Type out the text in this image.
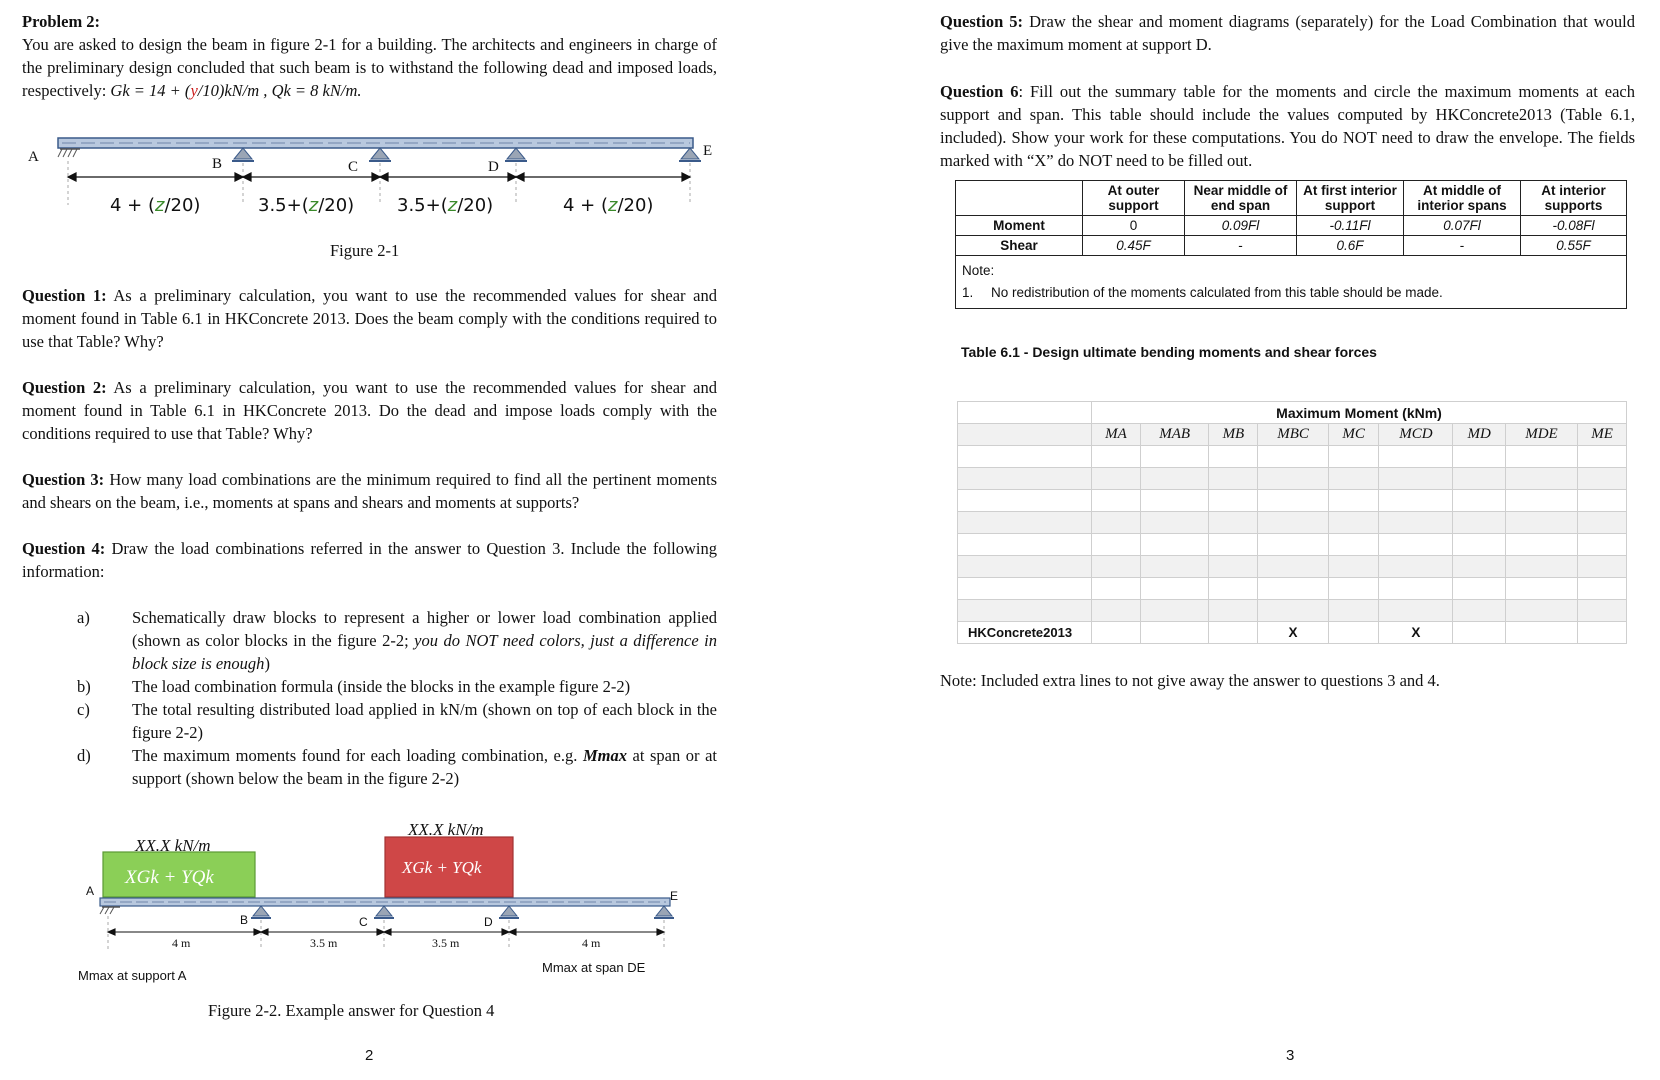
Problem 2:

You are asked to design the beam in figure 2-1 for a building. The architects and engineers in charge of the preliminary design concluded that such beam is to withstand the following dead and imposed loads, respectively: Gk = 14 + (y/10)kN/m , Qk = 8 kN/m.

A	B	C	D
E
4 + (z/20)	3.5+(z/20) 3.5+(z/20)	4 + (z/20)

Figure 2-1

Question 1: As a preliminary calculation, you want to use the recommended values for shear and moment found in Table 6.1 in HKConcrete 2013. Does the beam comply with the conditions required to use that Table? Why?

Question 2: As a preliminary calculation, you want to use the recommended values for shear and moment found in Table 6.1 in HKConcrete 2013. Do the dead and impose loads comply with the conditions required to use that Table? Why?

Question 3: How many load combinations are the minimum required to find all the pertinent moments and shears on the beam, i.e., moments at spans and shears and moments at supports?

Question 4: Draw the load combinations referred in the answer to Question 3. Include the following information:

a)	Schematically draw blocks to represent a higher or lower load combination applied (shown as color blocks in the figure 2-2; you do NOT need colors, just a difference in block size is enough)
b)	The load combination formula (inside the blocks in the example figure 2-2)
c)	The total resulting distributed load applied in kN/m (shown on top of each block in the figure 2-2)
d)	The maximum moments found for each loading combination, e.g. Mmax at span or at support (shown below the beam in the figure 2-2)
XX.X kN/m
XX.X kN/m
XGk + YQk	XGk + YQk
A
B	C	D
E
4 m	3.5 m	3.5 m	4 m
Mmax at support A
Mmax at span DE

Figure 2-2. Example answer for Question 4

2

Question 5: Draw the shear and moment diagrams (separately) for the Load Combination that would give the maximum moment at support D.

Question 6: Fill out the summary table for the moments and circle the maximum moments at each support and span. This table should include the values computed by HKConcrete2013 (Table 6.1, included). Show your work for these computations. You do NOT need to draw the envelope. The fields marked with “X” do NOT need to be filled out.

	At outer support	Near middle of end span	At first interior support	At middle of interior spans	At interior supports
Moment	0	0.09Fl	-0.11Fl	0.07Fl	-0.08Fl
Shear	0.45F	-	0.6F	-	0.55F
Note:
1. No redistribution of the moments calculated from this table should be made.					

Table 6.1 - Design ultimate bending moments and shear forces

	Maximum Moment (kNm)								
	MA	MAB	MB	MBC	MC	MCD	MD	MDE	ME

HKConcrete2013				X		X			

Note: Included extra lines to not give away the answer to questions 3 and 4.

3
